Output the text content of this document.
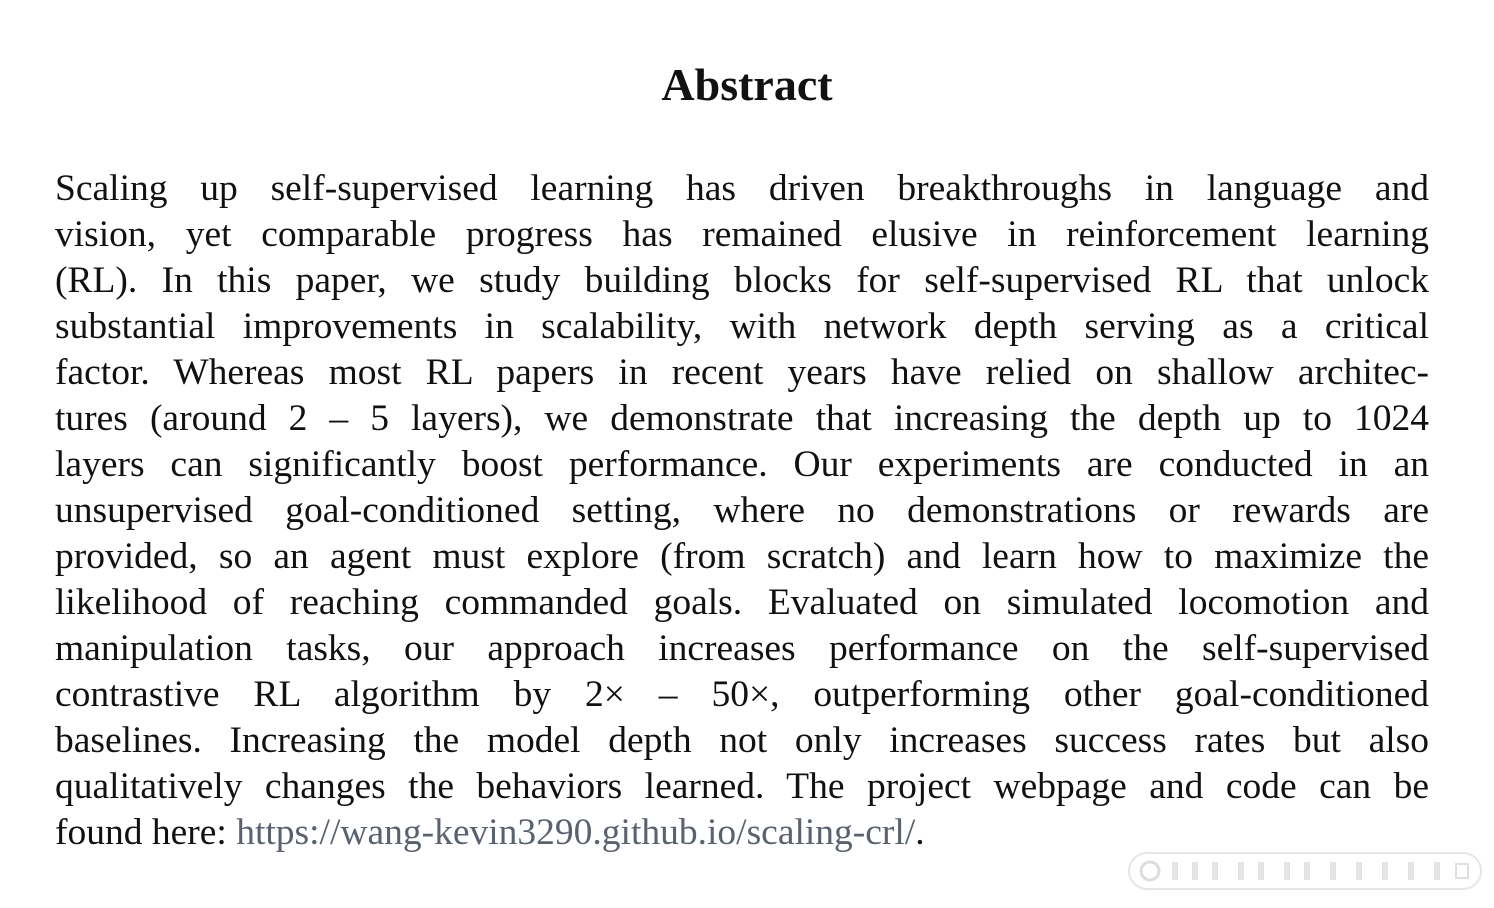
Abstract
Scaling up self-supervised learning has driven breakthroughs in language and
vision, yet comparable progress has remained elusive in reinforcement learning
(RL). In this paper, we study building blocks for self-supervised RL that unlock
substantial improvements in scalability, with network depth serving as a critical
factor. Whereas most RL papers in recent years have relied on shallow architec-
tures (around 2 – 5 layers), we demonstrate that increasing the depth up to 1024
layers can significantly boost performance. Our experiments are conducted in an
unsupervised goal-conditioned setting, where no demonstrations or rewards are
provided, so an agent must explore (from scratch) and learn how to maximize the
likelihood of reaching commanded goals. Evaluated on simulated locomotion and
manipulation tasks, our approach increases performance on the self-supervised
contrastive RL algorithm by 2× – 50×, outperforming other goal-conditioned
baselines. Increasing the model depth not only increases success rates but also
qualitatively changes the behaviors learned. The project webpage and code can be
found here: https://wang-kevin3290.github.io/scaling-crl/.
